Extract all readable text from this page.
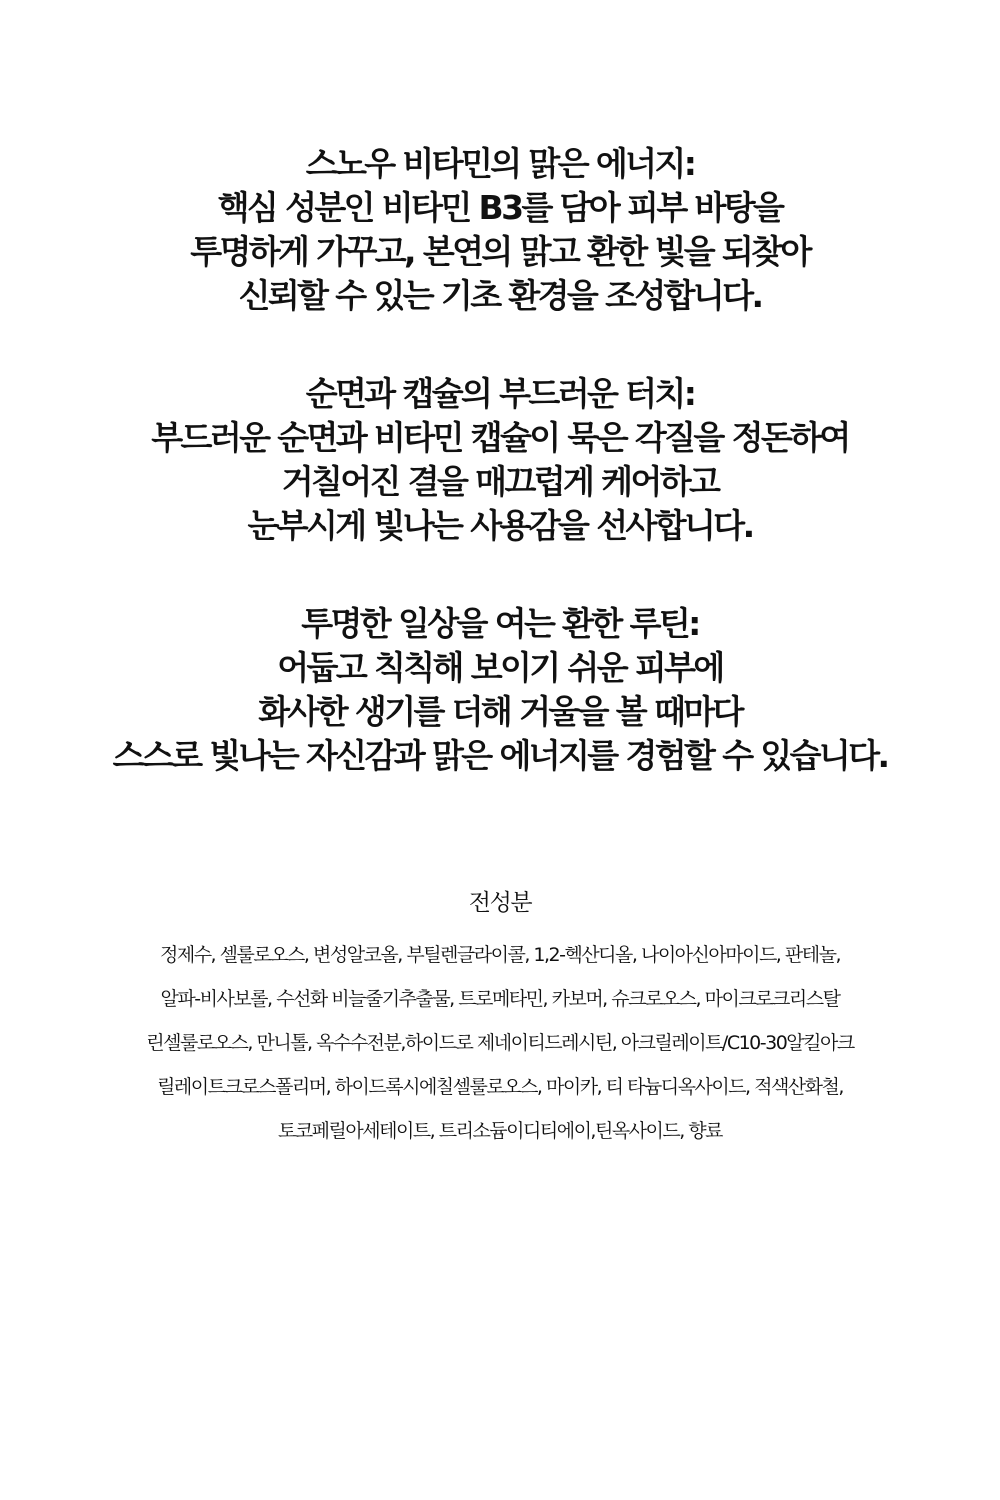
스노우 비타민의 맑은 에너지:
핵심 성분인 비타민 B3를 담아 피부 바탕을
투명하게 가꾸고, 본연의 맑고 환한 빛을 되찾아
신뢰할 수 있는 기초 환경을 조성합니다.
순면과 캡슐의 부드러운 터치:
부드러운 순면과 비타민 캡슐이 묵은 각질을 정돈하여
거칠어진 결을 매끄럽게 케어하고
눈부시게 빛나는 사용감을 선사합니다.
투명한 일상을 여는 환한 루틴:
어둡고 칙칙해 보이기 쉬운 피부에
화사한 생기를 더해 거울을 볼 때마다
스스로 빛나는 자신감과 맑은 에너지를 경험할 수 있습니다.
전성분
정제수, 셀룰로오스, 변성알코올, 부틸렌글라이콜, 1,2-헥산디올, 나이아신아마이드, 판테놀,
알파-비사보롤, 수선화 비늘줄기추출물, 트로메타민, 카보머, 슈크로오스, 마이크로크리스탈
린셀룰로오스, 만니톨, 옥수수전분,하이드로 제네이티드레시틴, 아크릴레이트/C10-30알킬아크
릴레이트크로스폴리머, 하이드록시에칠셀룰로오스, 마이카, 티 타늄디옥사이드, 적색산화철,
토코페릴아세테이트, 트리소듐이디티에이,틴옥사이드, 향료
